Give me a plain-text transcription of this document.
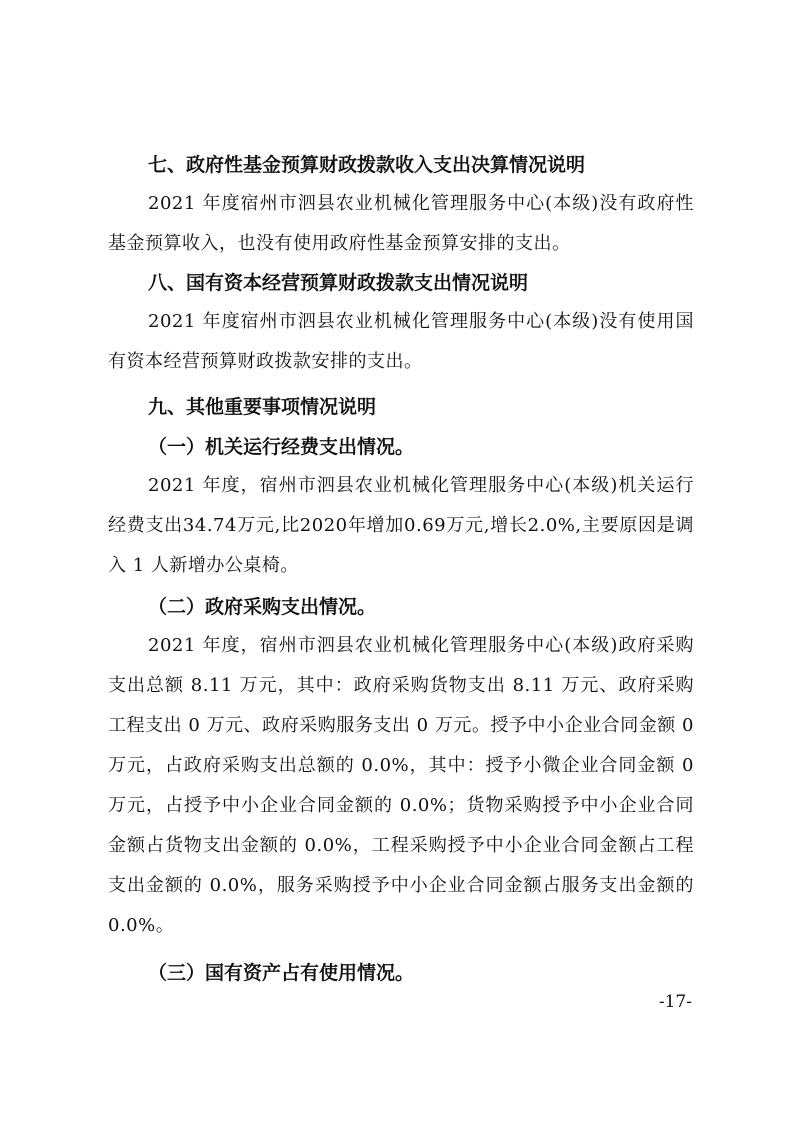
七、政府性基金预算财政拨款收入支出决算情况说明

2021 年度宿州市泗县农业机械化管理服务中心(本级)没有政府性基金预算收入，也没有使用政府性基金预算安排的支出。

八、国有资本经营预算财政拨款支出情况说明

2021 年度宿州市泗县农业机械化管理服务中心(本级)没有使用国有资本经营预算财政拨款安排的支出。

九、其他重要事项情况说明

（一）机关运行经费支出情况。

2021 年度，宿州市泗县农业机械化管理服务中心(本级)机关运行经费支出34.74万元,比2020年增加0.69万元,增长2.0%,主要原因是调入 1 人新增办公桌椅。

（二）政府采购支出情况。

2021 年度，宿州市泗县农业机械化管理服务中心(本级)政府采购支出总额 8.11 万元，其中：政府采购货物支出 8.11 万元、政府采购工程支出 0 万元、政府采购服务支出 0 万元。授予中小企业合同金额 0 万元，占政府采购支出总额的 0.0%，其中：授予小微企业合同金额 0 万元，占授予中小企业合同金额的 0.0%；货物采购授予中小企业合同金额占货物支出金额的 0.0%，工程采购授予中小企业合同金额占工程支出金额的 0.0%，服务采购授予中小企业合同金额占服务支出金额的 0.0%。

（三）国有资产占有使用情况。

-17-
